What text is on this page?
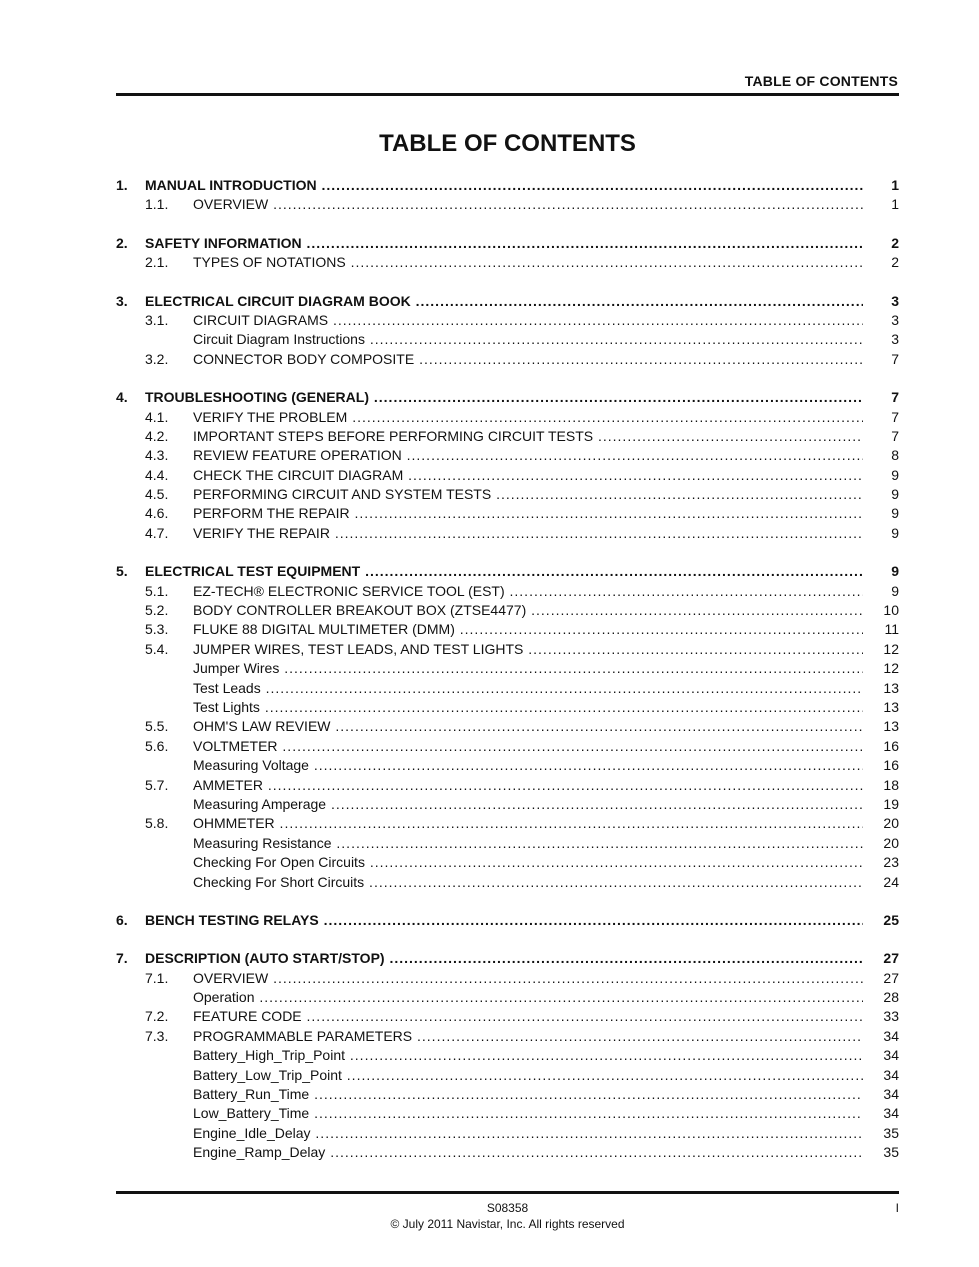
TABLE OF CONTENTS
TABLE OF CONTENTS
1. MANUAL INTRODUCTION .....	1
1.1. OVERVIEW .....	1
2. SAFETY INFORMATION .....	2
2.1. TYPES OF NOTATIONS .....	2
3. ELECTRICAL CIRCUIT DIAGRAM BOOK .....	3
3.1. CIRCUIT DIAGRAMS .....	3
Circuit Diagram Instructions .....	3
3.2. CONNECTOR BODY COMPOSITE .....	7
4. TROUBLESHOOTING (GENERAL) .....	7
4.1. VERIFY THE PROBLEM .....	7
4.2. IMPORTANT STEPS BEFORE PERFORMING CIRCUIT TESTS .....	7
4.3. REVIEW FEATURE OPERATION .....	8
4.4. CHECK THE CIRCUIT DIAGRAM .....	9
4.5. PERFORMING CIRCUIT AND SYSTEM TESTS .....	9
4.6. PERFORM THE REPAIR .....	9
4.7. VERIFY THE REPAIR .....	9
5. ELECTRICAL TEST EQUIPMENT .....	9
5.1. EZ-TECH® ELECTRONIC SERVICE TOOL (EST) .....	9
5.2. BODY CONTROLLER BREAKOUT BOX (ZTSE4477) .....	10
5.3. FLUKE 88 DIGITAL MULTIMETER (DMM) .....	11
5.4. JUMPER WIRES, TEST LEADS, AND TEST LIGHTS .....	12
Jumper Wires .....	12
Test Leads .....	13
Test Lights .....	13
5.5. OHM'S LAW REVIEW .....	13
5.6. VOLTMETER .....	16
Measuring Voltage .....	16
5.7. AMMETER .....	18
Measuring Amperage .....	19
5.8. OHMMETER .....	20
Measuring Resistance .....	20
Checking For Open Circuits .....	23
Checking For Short Circuits .....	24
6. BENCH TESTING RELAYS .....	25
7. DESCRIPTION (AUTO START/STOP) .....	27
7.1. OVERVIEW .....	27
Operation .....	28
7.2. FEATURE CODE .....	33
7.3. PROGRAMMABLE PARAMETERS .....	34
Battery_High_Trip_Point .....	34
Battery_Low_Trip_Point .....	34
Battery_Run_Time .....	34
Low_Battery_Time .....	34
Engine_Idle_Delay .....	35
Engine_Ramp_Delay .....	35
S08358	I
© July 2011 Navistar, Inc. All rights reserved
